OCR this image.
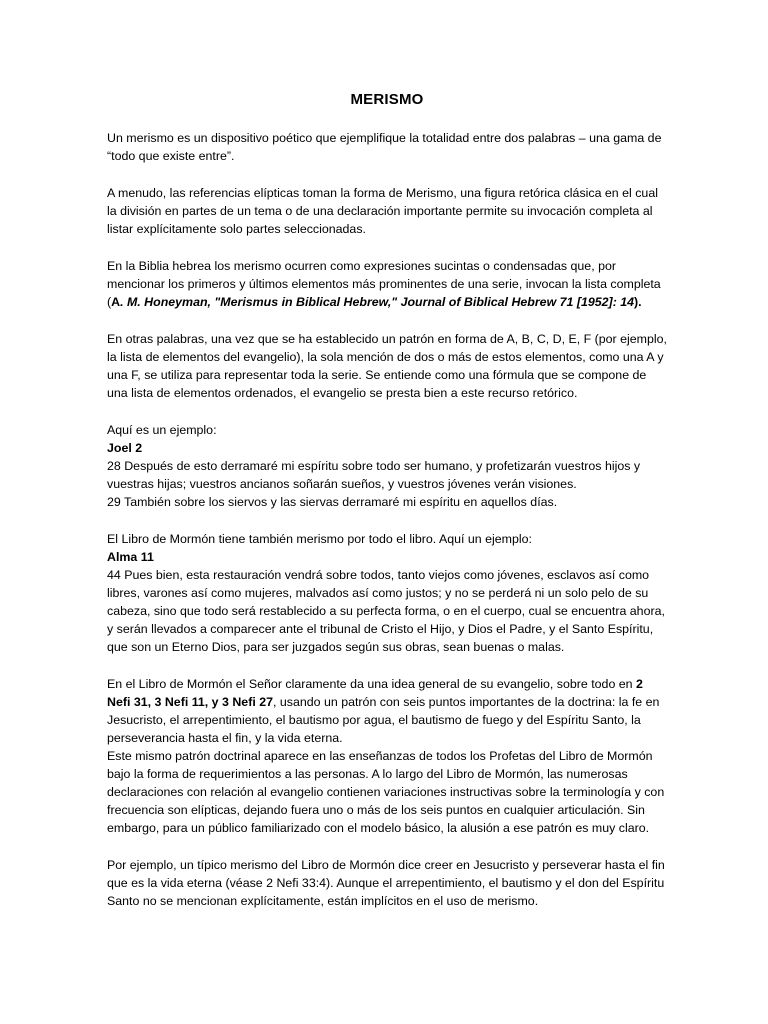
MERISMO

Un merismo es un dispositivo poético que ejemplifique la totalidad entre dos palabras – una gama de “todo que existe entre”.

A menudo, las referencias elípticas toman la forma de Merismo, una figura retórica clásica en el cual la división en partes de un tema o de una declaración importante permite su invocación completa al listar explícitamente solo partes seleccionadas.

En la Biblia hebrea los merismo ocurren como expresiones sucintas o condensadas que, por mencionar los primeros y últimos elementos más prominentes de una serie, invocan la lista completa (A. M. Honeyman, "Merismus in Biblical Hebrew," Journal of Biblical Hebrew 71 [1952]: 14).

En otras palabras, una vez que se ha establecido un patrón en forma de A, B, C, D, E, F (por ejemplo, la lista de elementos del evangelio), la sola mención de dos o más de estos elementos, como una A y una F, se utiliza para representar toda la serie. Se entiende como una fórmula que se compone de una lista de elementos ordenados, el evangelio se presta bien a este recurso retórico.

Aquí es un ejemplo:
Joel 2
28 Después de esto derramaré mi espíritu sobre todo ser humano, y profetizarán vuestros hijos y vuestras hijas; vuestros ancianos soñarán sueños, y vuestros jóvenes verán visiones.
29 También sobre los siervos y las siervas derramaré mi espíritu en aquellos días.

El Libro de Mormón tiene también merismo por todo el libro. Aquí un ejemplo:
Alma 11
44 Pues bien, esta restauración vendrá sobre todos, tanto viejos como jóvenes, esclavos así como libres, varones así como mujeres, malvados así como justos; y no se perderá ni un solo pelo de su cabeza, sino que todo será restablecido a su perfecta forma, o en el cuerpo, cual se encuentra ahora, y serán llevados a comparecer ante el tribunal de Cristo el Hijo, y Dios el Padre, y el Santo Espíritu, que son un Eterno Dios, para ser juzgados según sus obras, sean buenas o malas.

En el Libro de Mormón el Señor claramente da una idea general de su evangelio, sobre todo en 2 Nefi 31, 3 Nefi 11, y 3 Nefi 27, usando un patrón con seis puntos importantes de la doctrina: la fe en Jesucristo, el arrepentimiento, el bautismo por agua, el bautismo de fuego y del Espíritu Santo, la perseverancia hasta el fin, y la vida eterna.
Este mismo patrón doctrinal aparece en las enseñanzas de todos los Profetas del Libro de Mormón bajo la forma de requerimientos a las personas. A lo largo del Libro de Mormón, las numerosas declaraciones con relación al evangelio contienen variaciones instructivas sobre la terminología y con frecuencia son elípticas, dejando fuera uno o más de los seis puntos en cualquier articulación. Sin embargo, para un público familiarizado con el modelo básico, la alusión a ese patrón es muy claro.

Por ejemplo, un típico merismo del Libro de Mormón dice creer en Jesucristo y perseverar hasta el fin que es la vida eterna (véase 2 Nefi 33:4). Aunque el arrepentimiento, el bautismo y el don del Espíritu Santo no se mencionan explícitamente, están implícitos en el uso de merismo.
